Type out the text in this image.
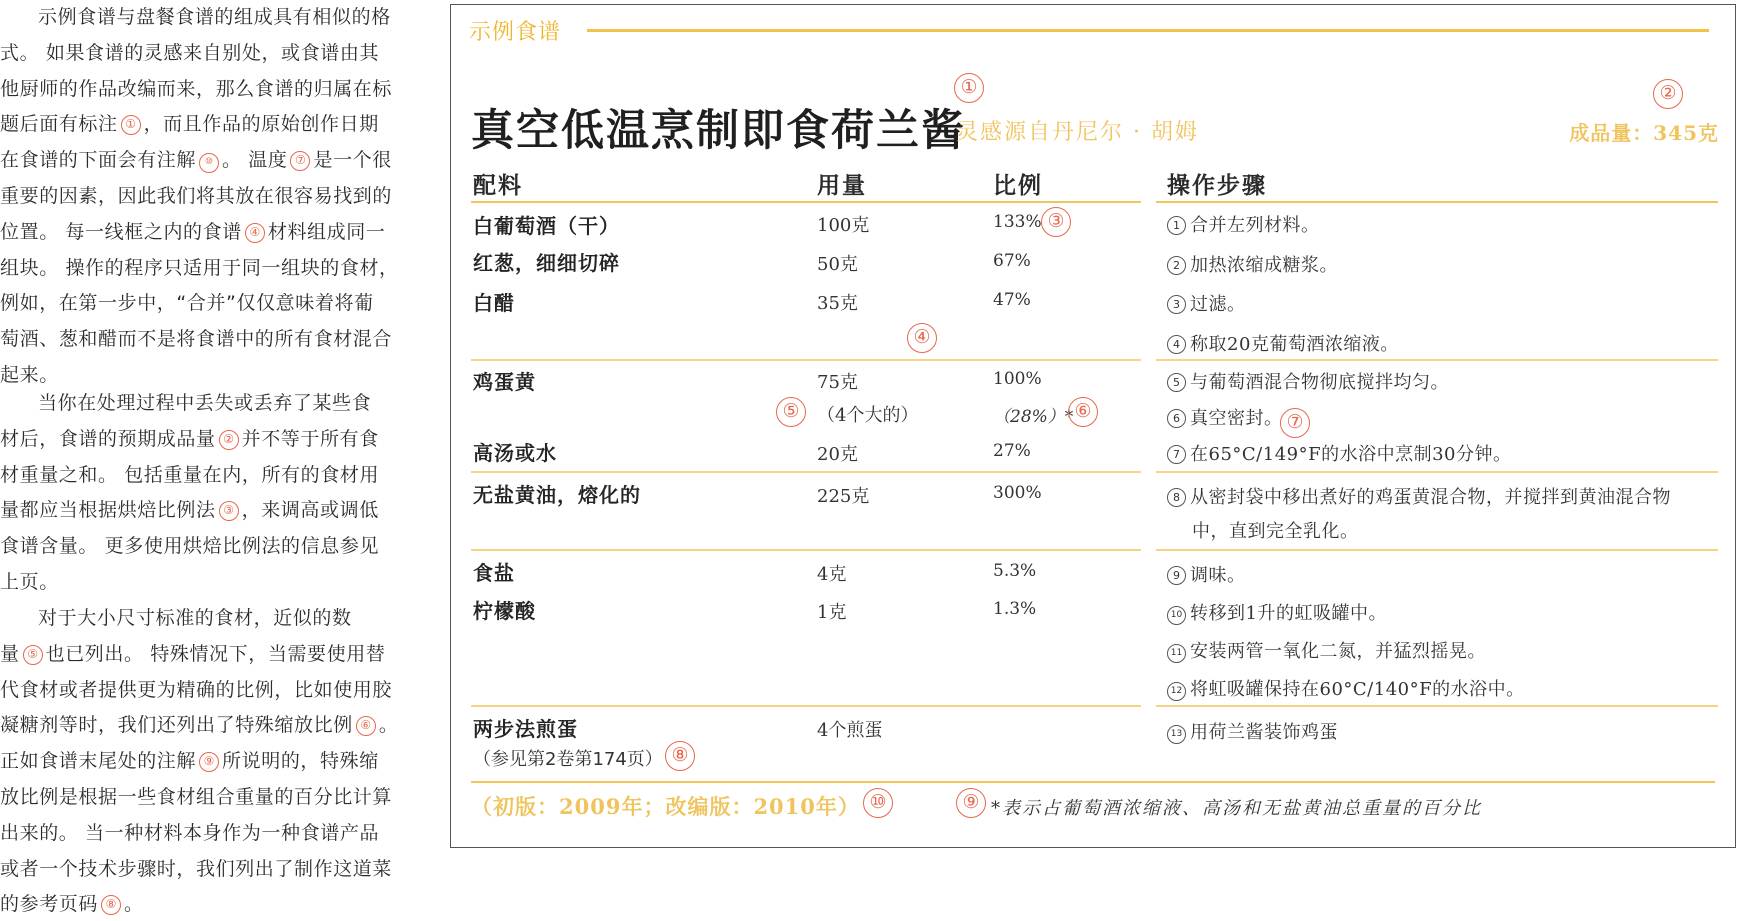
示例食谱与盘餐食谱的组成具有相似的格
式。 如果食谱的灵感来自别处，或食谱由其
他厨师的作品改编而来，那么食谱的归属在标
题后面有标注 ① ，而且作品的原始创作日期
在食谱的下面会有注解 ⑩ 。 温度 ⑦ 是一个很
重要的因素，因此我们将其放在很容易找到的
位置。 每一线框之内的食谱 ④ 材料组成同一
组块。 操作的程序只适用于同一组块的食材，
例如，在第一步中，“合并”仅仅意味着将葡
萄酒、葱和醋而不是将食谱中的所有食材混合
起来。
当你在处理过程中丢失或丢弃了某些食
材后，食谱的预期成品量 ② 并不等于所有食
材重量之和。 包括重量在内，所有的食材用
量都应当根据烘焙比例法 ③ ，来调高或调低
食谱含量。 更多使用烘焙比例法的信息参见
上页。
对于大小尺寸标准的食材，近似的数
量 ⑤ 也已列出。 特殊情况下，当需要使用替
代食材或者提供更为精确的比例，比如使用胶
凝糖剂等时，我们还列出了特殊缩放比例 ⑥ 。
正如食谱末尾处的注解 ⑨ 所说明的，特殊缩
放比例是根据一些食材组合重量的百分比计算
出来的。 当一种材料本身作为一种食谱产品
或者一个技术步骤时，我们列出了制作这道菜
的参考页码 ⑧ 。
示例食谱
①	②
真空低温烹制即食荷兰酱
灵感源自丹尼尔 · 胡姆	成品量：345克
配料	用量	比例	操作步骤
白葡萄酒（干）	100克	133% ③
红葱，细细切碎	50克	67%
白醋	35克	47%
④
1 合并左列材料。
2 加热浓缩成糖浆。
3 过滤。
4 称取20克葡萄酒浓缩液。
鸡蛋黄	75克	100%
⑤ （4个大的）	（28%）* ⑥
高汤或水	20克	27%
5 与葡萄酒混合物彻底搅拌均匀。
6 真空密封。 ⑦
7 在65°C/149°F的水浴中烹制30分钟。
无盐黄油，熔化的	225克	300%	8 从密封袋中移出煮好的鸡蛋黄混合物，并搅拌到黄油混合物
中，直到完全乳化。
食盐	4克	5.3%
柠檬酸	1克	1.3%
9 调味。
10 转移到1升的虹吸罐中。
11 安装两管一氧化二氮，并猛烈摇晃。
12 将虹吸罐保持在60°C/140°F的水浴中。
两步法煎蛋	4个煎蛋
（参见第2卷第174页） ⑧
13 用荷兰酱装饰鸡蛋
（初版：2009年；改编版：2010年） ⑩	⑨ *表示占葡萄酒浓缩液、高汤和无盐黄油总重量的百分比
